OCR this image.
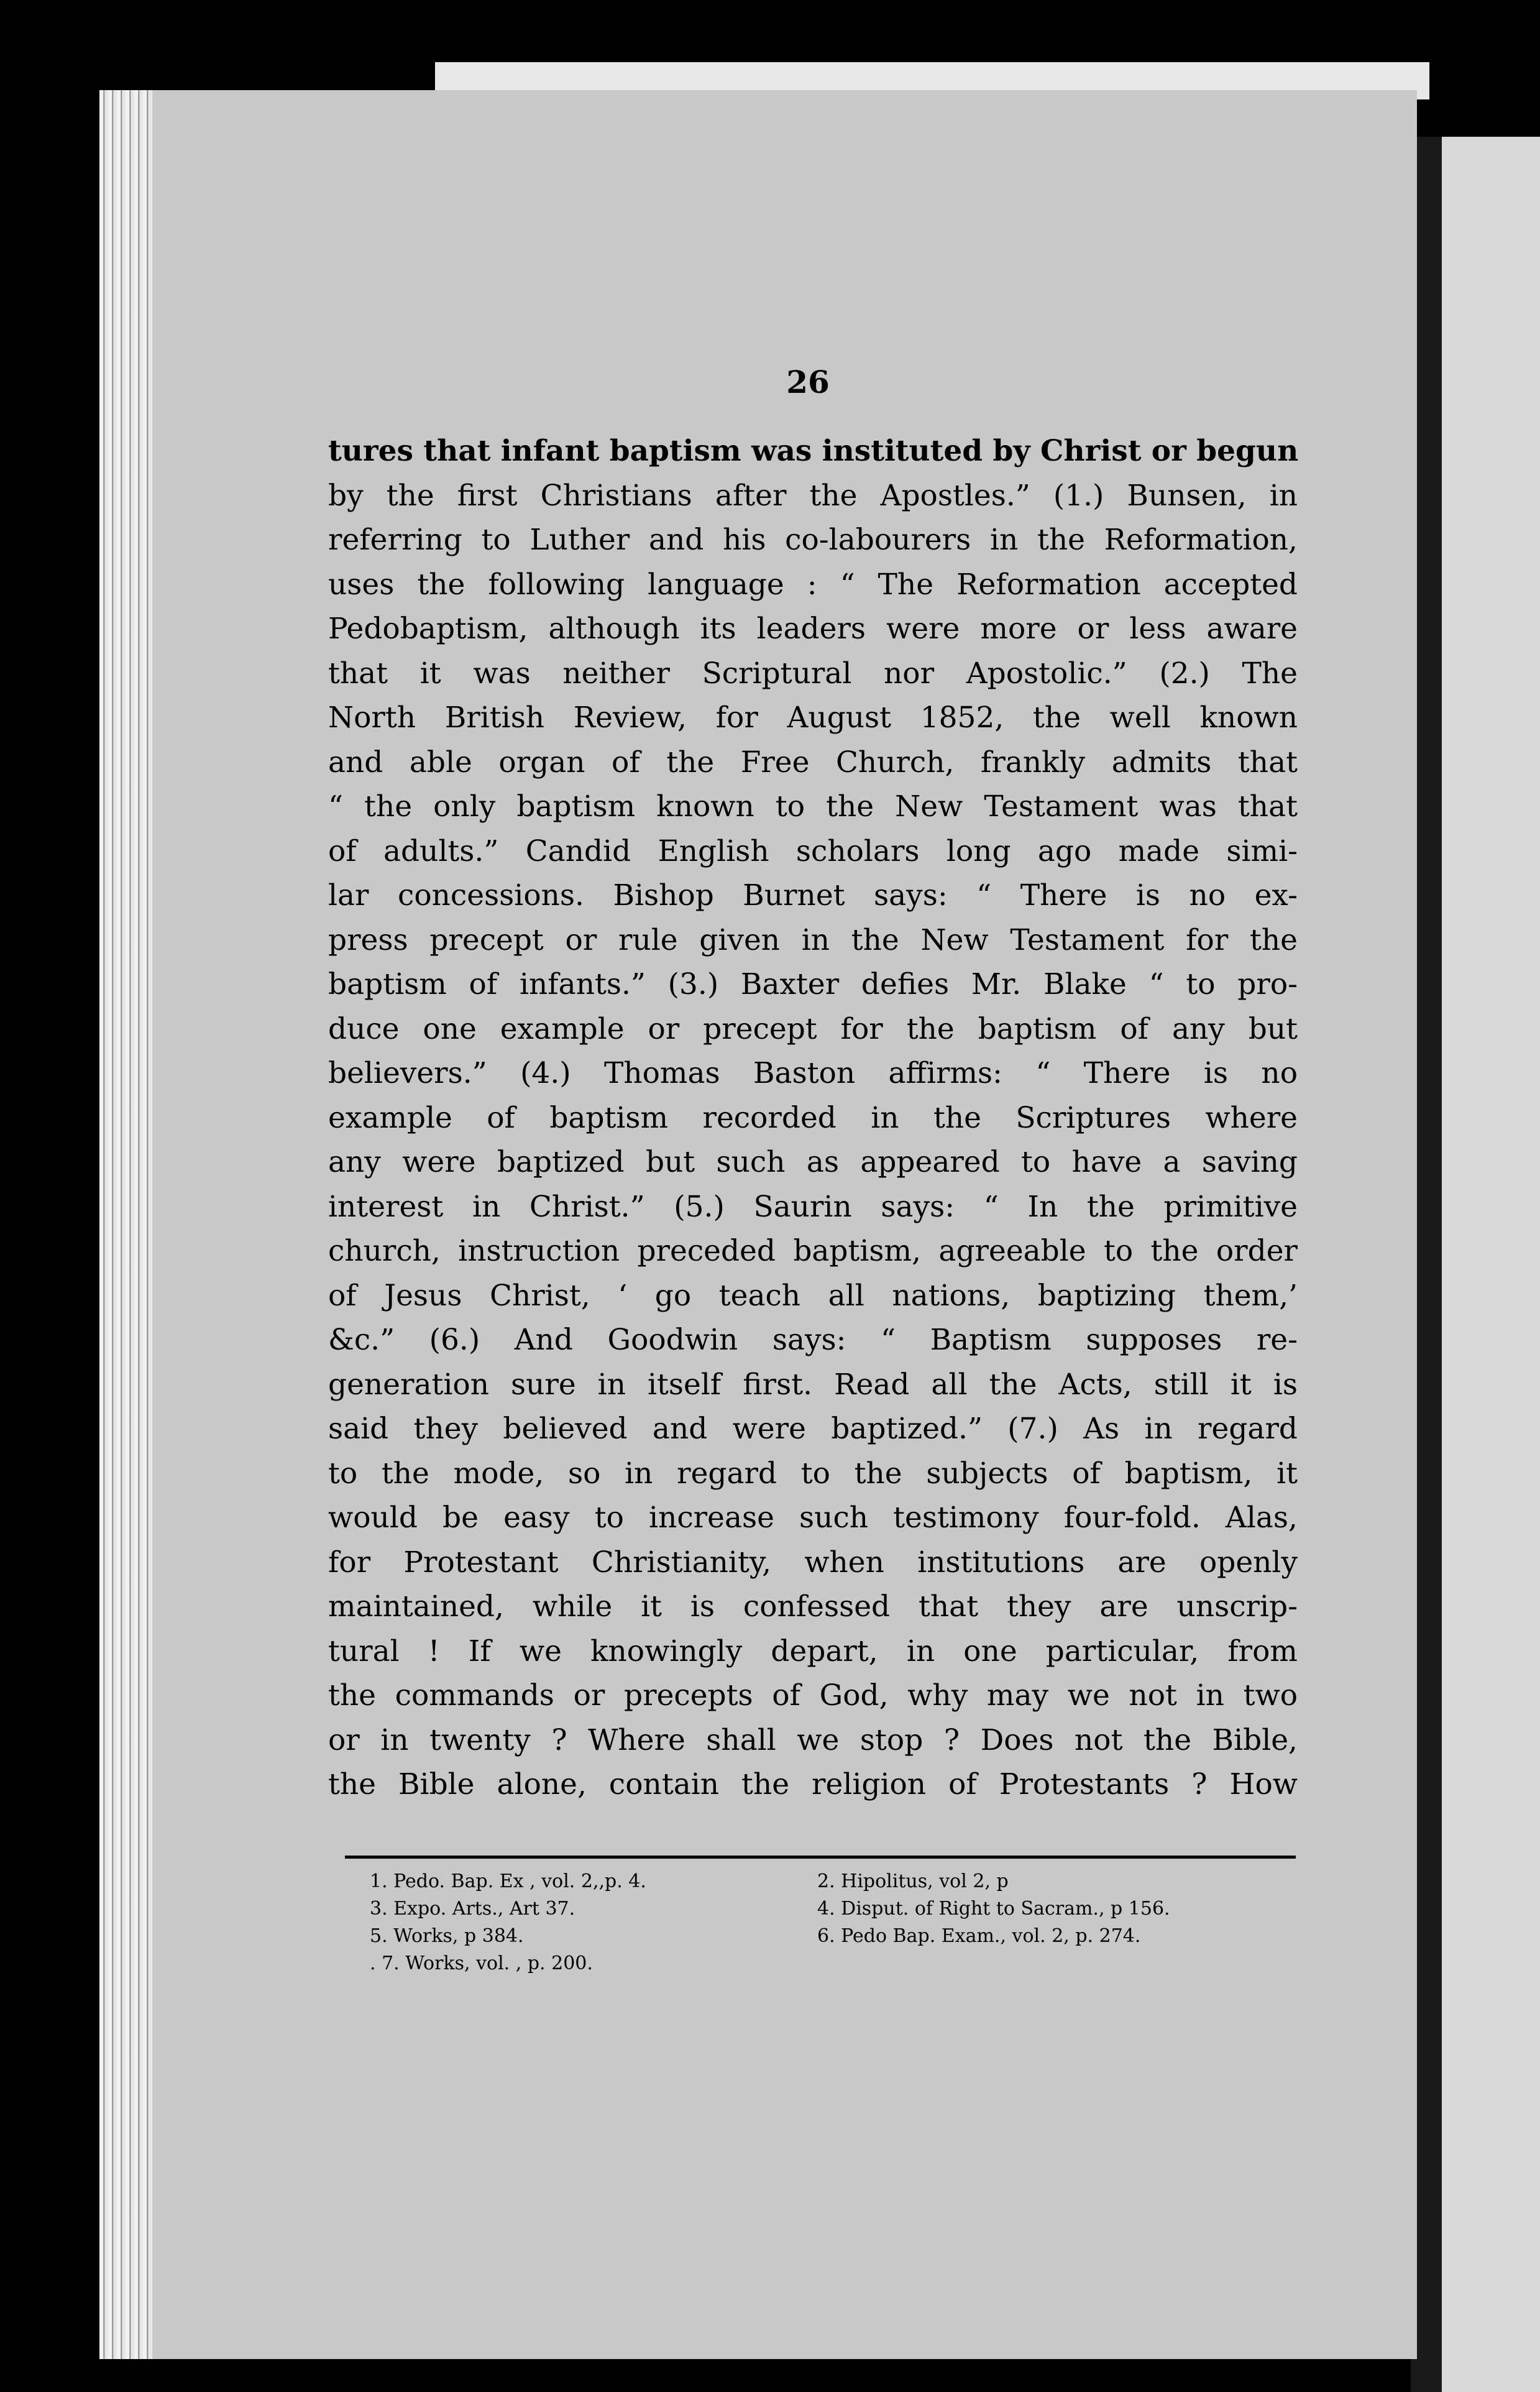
26
tures that infant baptism was instituted by Christ or begun
by the first Christians after the Apostles.” (1.) Bunsen, in
referring to Luther and his co-labourers in the Reformation,
uses the following language : “ The Reformation accepted
Pedobaptism, although its leaders were more or less aware
that it was neither Scriptural nor Apostolic.” (2.) The
North British Review, for August 1852, the well known
and able organ of the Free Church, frankly admits that
“ the only baptism known to the New Testament was that
of adults.” Candid English scholars long ago made simi-
lar concessions. Bishop Burnet says: “ There is no ex-
press precept or rule given in the New Testament for the
baptism of infants.” (3.) Baxter defies Mr. Blake “ to pro-
duce one example or precept for the baptism of any but
believers.” (4.) Thomas Baston affirms: “ There is no
example of baptism recorded in the Scriptures where
any were baptized but such as appeared to have a saving
interest in Christ.” (5.) Saurin says: “ In the primitive
church, instruction preceded baptism, agreeable to the order
of Jesus Christ, ‘ go teach all nations, baptizing them,’
&c.” (6.) And Goodwin says: “ Baptism supposes re-
generation sure in itself first. Read all the Acts, still it is
said they believed and were baptized.” (7.) As in regard
to the mode, so in regard to the subjects of baptism, it
would be easy to increase such testimony four-fold. Alas,
for Protestant Christianity, when institutions are openly
maintained, while it is confessed that they are unscrip-
tural ! If we knowingly depart, in one particular, from
the commands or precepts of God, why may we not in two
or in twenty ? Where shall we stop ? Does not the Bible,
the Bible alone, contain the religion of Protestants ? How
1. Pedo. Bap. Ex , vol. 2,,p. 4.
3. Expo. Arts., Art 37.
5. Works, p 384.
. 7. Works, vol. , p. 200.
2. Hipolitus, vol 2, p
4. Disput. of Right to Sacram., p 156.
6. Pedo Bap. Exam., vol. 2, p. 274.
